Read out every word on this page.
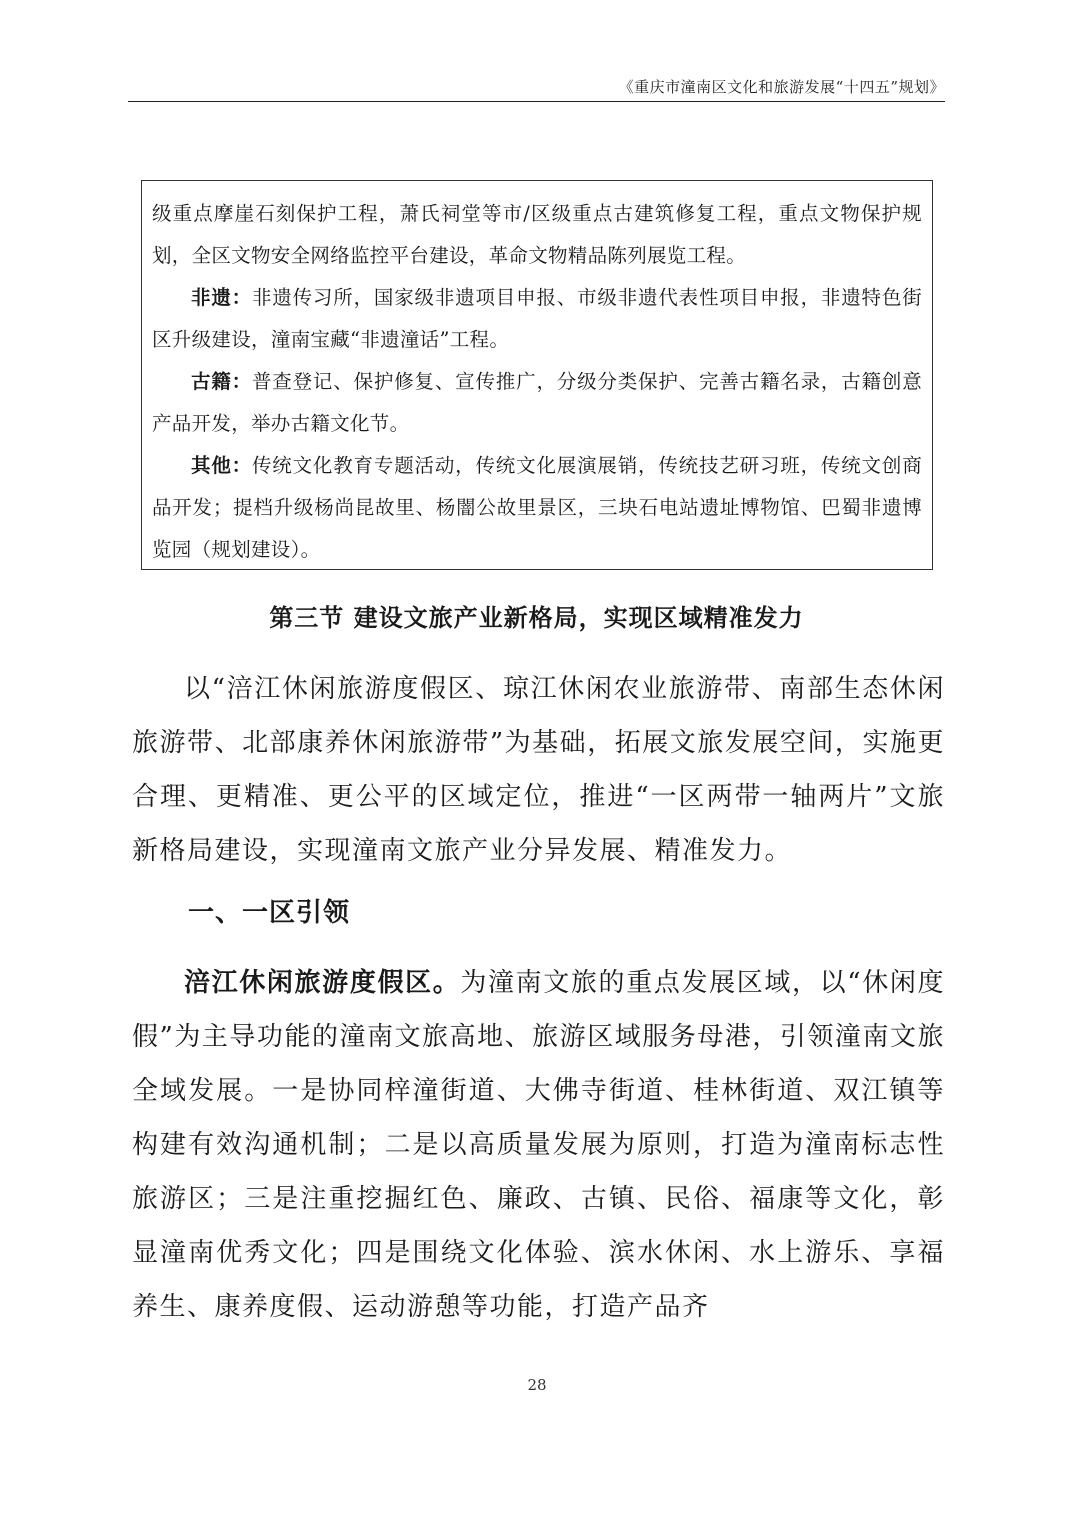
《重庆市潼南区文化和旅游发展“十四五”规划》

级重点摩崖石刻保护工程，萧氏祠堂等市/区级重点古建筑修复工程，重点文物保护规划，全区文物安全网络监控平台建设，革命文物精品陈列展览工程。

非遗：非遗传习所，国家级非遗项目申报、市级非遗代表性项目申报，非遗特色街区升级建设，潼南宝藏“非遗潼话”工程。

古籍：普查登记、保护修复、宣传推广，分级分类保护、完善古籍名录，古籍创意产品开发，举办古籍文化节。

其他：传统文化教育专题活动，传统文化展演展销，传统技艺研习班，传统文创商品开发；提档升级杨尚昆故里、杨闇公故里景区，三块石电站遗址博物馆、巴蜀非遗博览园（规划建设）。

第三节 建设文旅产业新格局，实现区域精准发力

以“涪江休闲旅游度假区、琼江休闲农业旅游带、南部生态休闲旅游带、北部康养休闲旅游带”为基础，拓展文旅发展空间，实施更合理、更精准、更公平的区域定位，推进“一区两带一轴两片”文旅新格局建设，实现潼南文旅产业分异发展、精准发力。

一、一区引领

涪江休闲旅游度假区。为潼南文旅的重点发展区域，以“休闲度假”为主导功能的潼南文旅高地、旅游区域服务母港，引领潼南文旅全域发展。一是协同梓潼街道、大佛寺街道、桂林街道、双江镇等构建有效沟通机制；二是以高质量发展为原则，打造为潼南标志性旅游区；三是注重挖掘红色、廉政、古镇、民俗、福康等文化，彰显潼南优秀文化；四是围绕文化体验、滨水休闲、水上游乐、享福养生、康养度假、运动游憩等功能，打造产品齐

28
